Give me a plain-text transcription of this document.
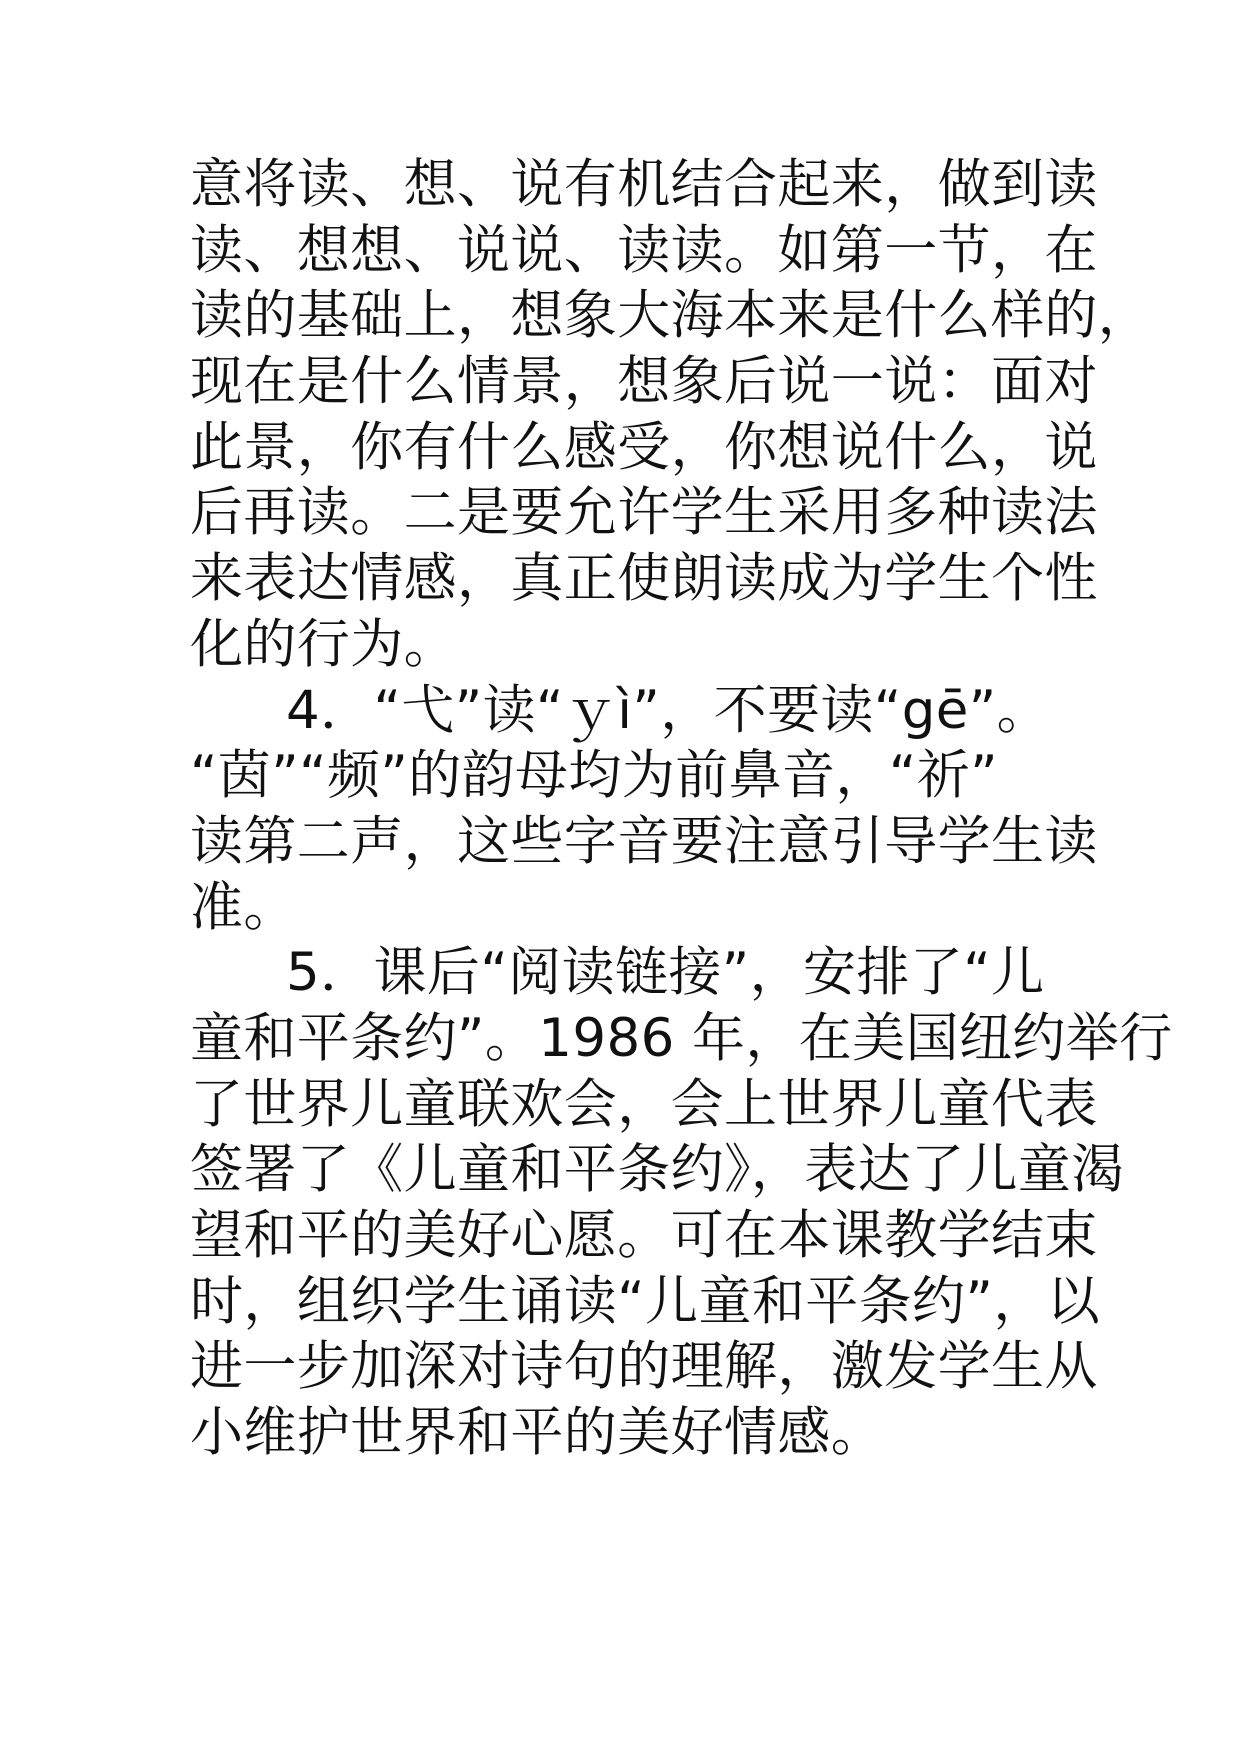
意将读、想、说有机结合起来，做到读
读、想想、说说、读读。如第一节，在
读的基础上，想象大海本来是什么样的，
现在是什么情景，想象后说一说：面对
此景，你有什么感受，你想说什么，说
后再读。二是要允许学生采用多种读法
来表达情感，真正使朗读成为学生个性
化的行为。
4．“弋”读“ｙì”，不要读“gē”。
“茵”“频”的韵母均为前鼻音，“祈”
读第二声，这些字音要注意引导学生读
准。
5．课后“阅读链接”，安排了“儿
童和平条约”。1986 年，在美国纽约举行
了世界儿童联欢会，会上世界儿童代表
签署了《儿童和平条约》，表达了儿童渴
望和平的美好心愿。可在本课教学结束
时，组织学生诵读“儿童和平条约”，以
进一步加深对诗句的理解，激发学生从
小维护世界和平的美好情感。
